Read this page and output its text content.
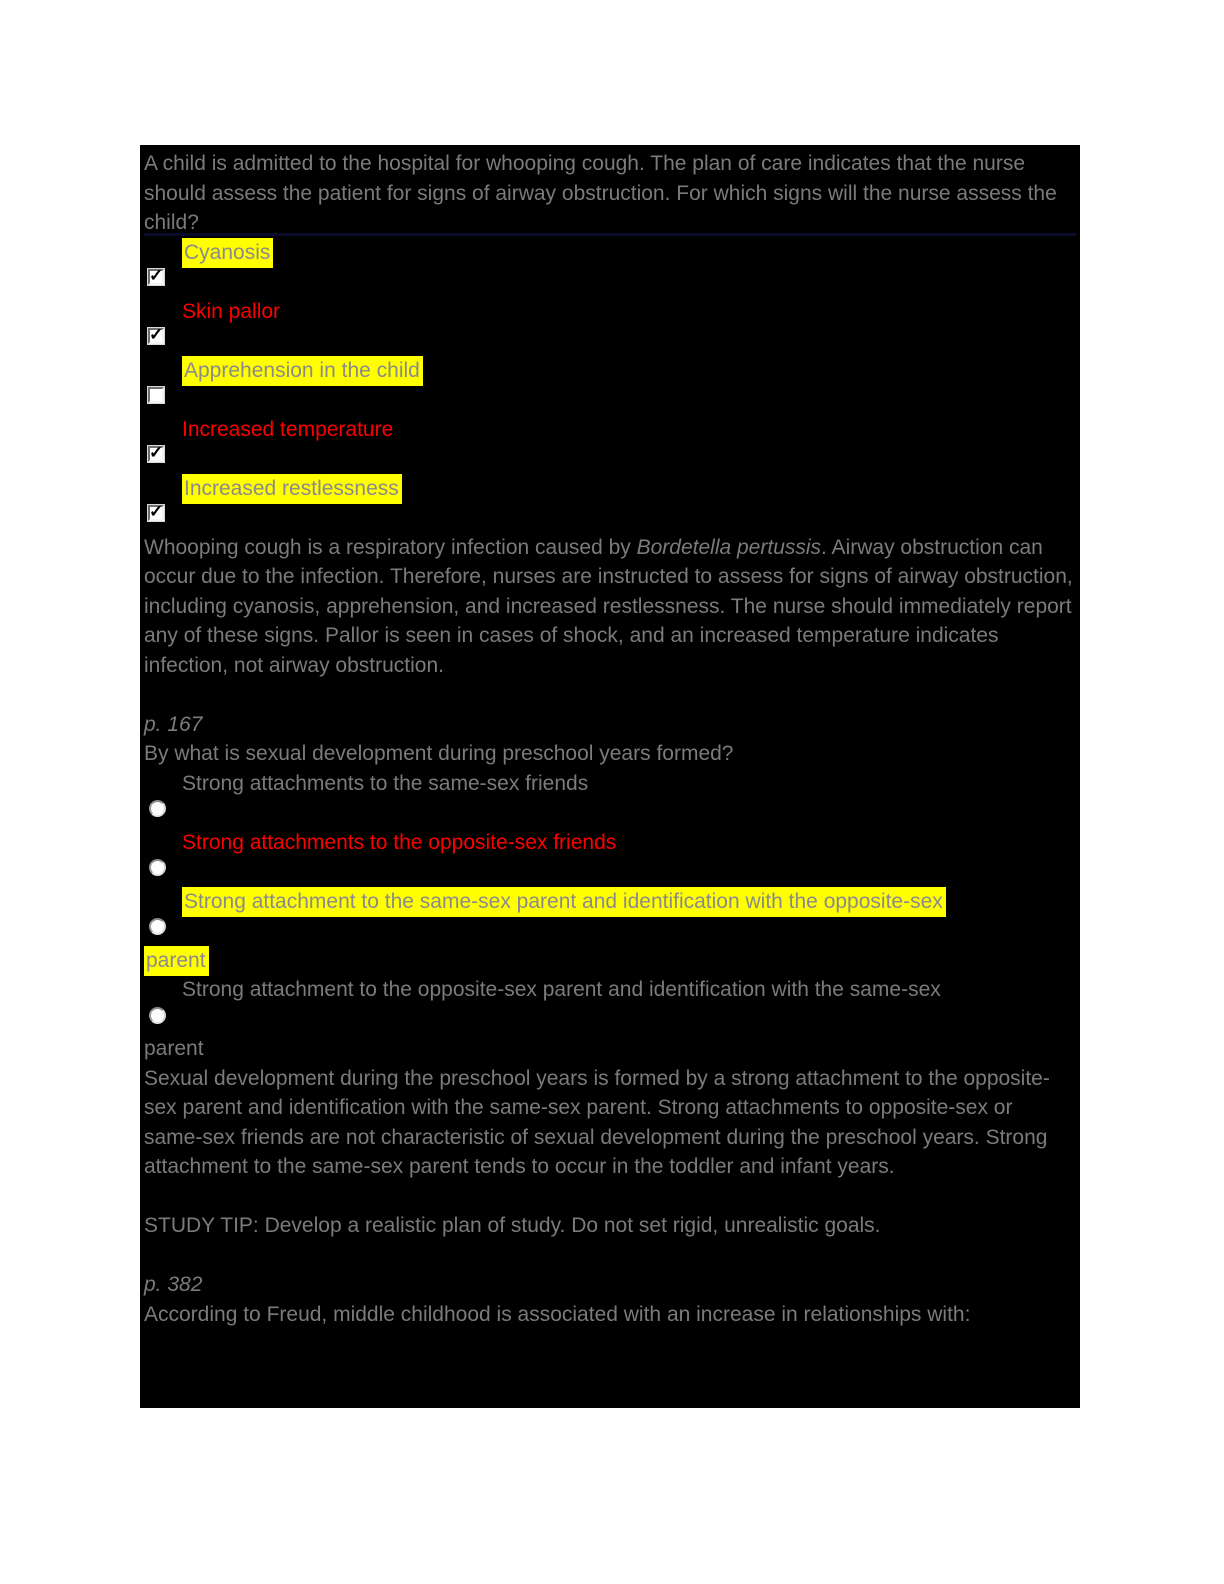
A child is admitted to the hospital for whooping cough. The plan of care indicates that the nurse should assess the patient for signs of airway obstruction. For which signs will the nurse assess the child?
Cyanosis
✓
Skin pallor
✓
Apprehension in the child
Increased temperature
✓
Increased restlessness
✓
Whooping cough is a respiratory infection caused by Bordetella pertussis. Airway obstruction can occur due to the infection. Therefore, nurses are instructed to assess for signs of airway obstruction, including cyanosis, apprehension, and increased restlessness. The nurse should immediately report any of these signs. Pallor is seen in cases of shock, and an increased temperature indicates infection, not airway obstruction.
p. 167
By what is sexual development during preschool years formed?
Strong attachments to the same-sex friends
Strong attachments to the opposite-sex friends
Strong attachment to the same-sex parent and identification with the opposite-sex
parent
Strong attachment to the opposite-sex parent and identification with the same-sex
parent
Sexual development during the preschool years is formed by a strong attachment to the opposite-sex parent and identification with the same-sex parent. Strong attachments to opposite-sex or same-sex friends are not characteristic of sexual development during the preschool years. Strong attachment to the same-sex parent tends to occur in the toddler and infant years.
STUDY TIP: Develop a realistic plan of study. Do not set rigid, unrealistic goals.
p. 382
According to Freud, middle childhood is associated with an increase in relationships with:
